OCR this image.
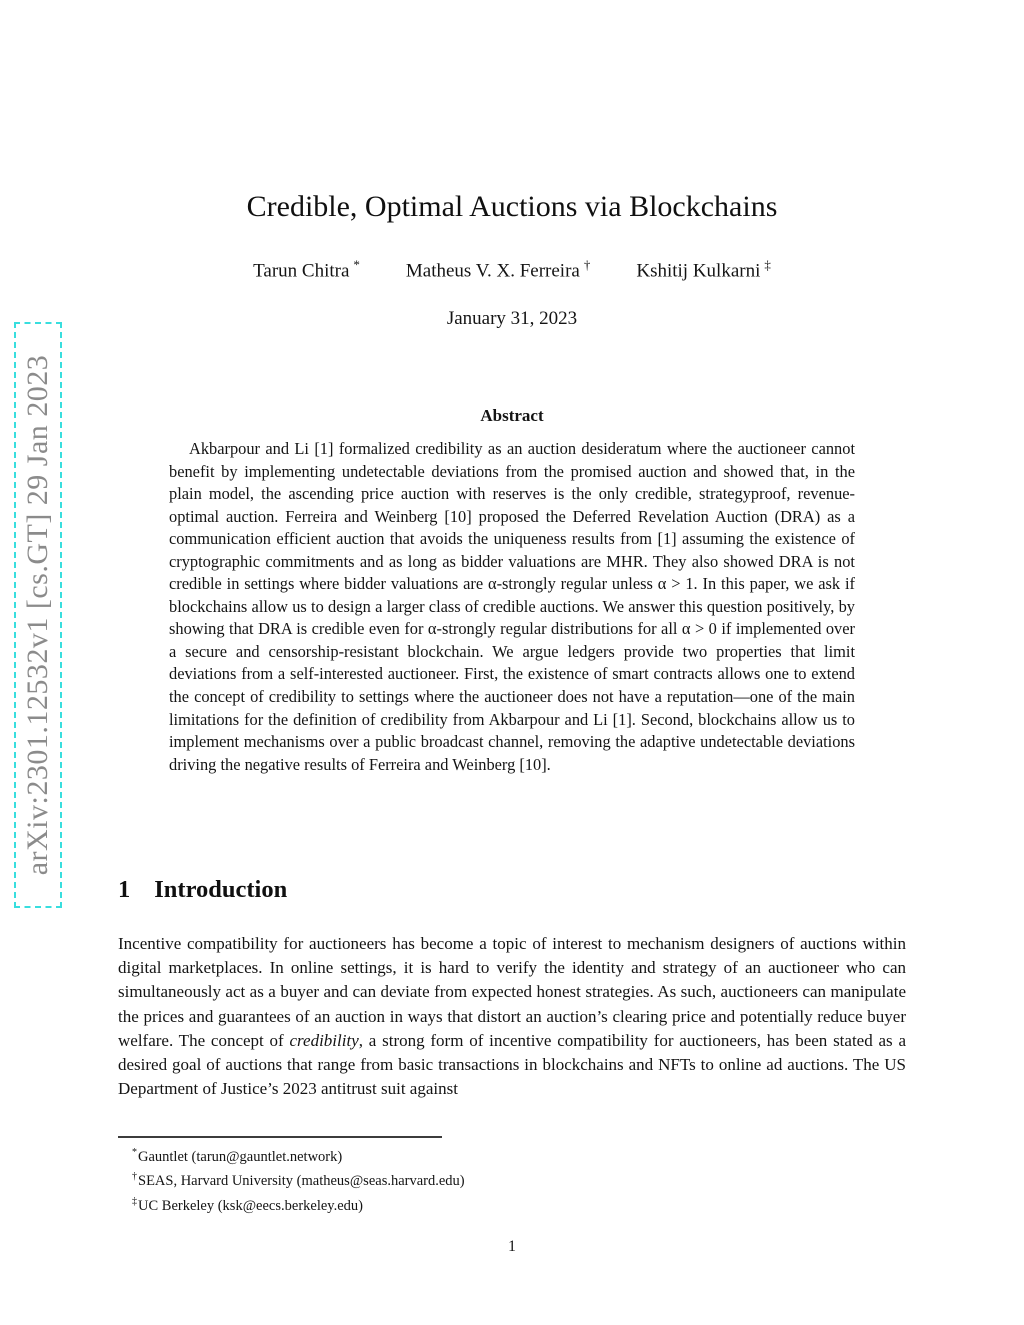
arXiv:2301.12532v1 [cs.GT] 29 Jan 2023
Credible, Optimal Auctions via Blockchains
Tarun Chitra * Matheus V. X. Ferreira † Kshitij Kulkarni ‡
January 31, 2023
Abstract

Akbarpour and Li [1] formalized credibility as an auction desideratum where the auctioneer cannot benefit by implementing undetectable deviations from the promised auction and showed that, in the plain model, the ascending price auction with reserves is the only credible, strategyproof, revenue-optimal auction. Ferreira and Weinberg [10] proposed the Deferred Revelation Auction (DRA) as a communication efficient auction that avoids the uniqueness results from [1] assuming the existence of cryptographic commitments and as long as bidder valuations are MHR. They also showed DRA is not credible in settings where bidder valuations are α-strongly regular unless α > 1. In this paper, we ask if blockchains allow us to design a larger class of credible auctions. We answer this question positively, by showing that DRA is credible even for α-strongly regular distributions for all α > 0 if implemented over a secure and censorship-resistant blockchain. We argue ledgers provide two properties that limit deviations from a self-interested auctioneer. First, the existence of smart contracts allows one to extend the concept of credibility to settings where the auctioneer does not have a reputation—one of the main limitations for the definition of credibility from Akbarpour and Li [1]. Second, blockchains allow us to implement mechanisms over a public broadcast channel, removing the adaptive undetectable deviations driving the negative results of Ferreira and Weinberg [10].

1 Introduction

Incentive compatibility for auctioneers has become a topic of interest to mechanism designers of auctions within digital marketplaces. In online settings, it is hard to verify the identity and strategy of an auctioneer who can simultaneously act as a buyer and can deviate from expected honest strategies. As such, auctioneers can manipulate the prices and guarantees of an auction in ways that distort an auction’s clearing price and potentially reduce buyer welfare. The concept of credibility, a strong form of incentive compatibility for auctioneers, has been stated as a desired goal of auctions that range from basic transactions in blockchains and NFTs to online ad auctions. The US Department of Justice’s 2023 antitrust suit against

*Gauntlet (tarun@gauntlet.network)

†SEAS, Harvard University (matheus@seas.harvard.edu)

‡UC Berkeley (ksk@eecs.berkeley.edu)

1
